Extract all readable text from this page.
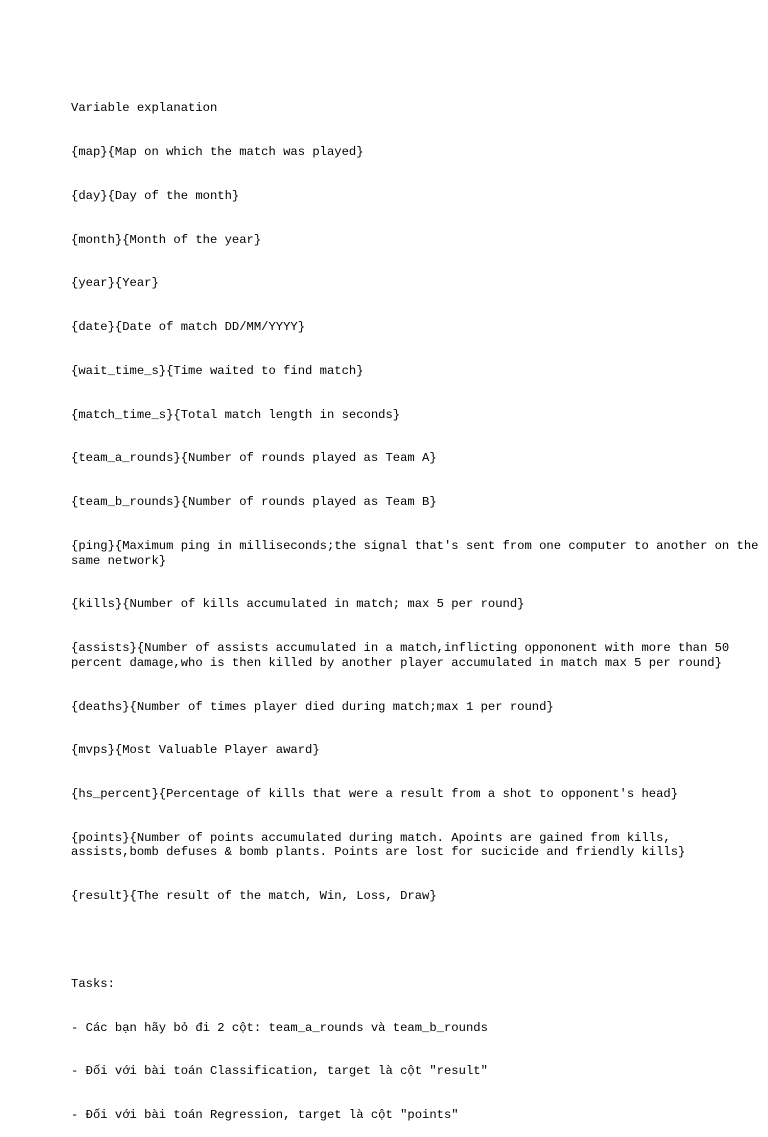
Variable explanation

{map}{Map on which the match was played}

{day}{Day of the month}

{month}{Month of the year}

{year}{Year}

{date}{Date of match DD/MM/YYYY}

{wait_time_s}{Time waited to find match}

{match_time_s}{Total match length in seconds}

{team_a_rounds}{Number of rounds played as Team A}

{team_b_rounds}{Number of rounds played as Team B}

{ping}{Maximum ping in milliseconds;the signal that's sent from one computer to another on the same network}

{kills}{Number of kills accumulated in match; max 5 per round}

{assists}{Number of assists accumulated in a match,inflicting oppononent with more than 50 percent damage,who is then killed by another player accumulated in match max 5 per round}

{deaths}{Number of times player died during match;max 1 per round}

{mvps}{Most Valuable Player award}

{hs_percent}{Percentage of kills that were a result from a shot to opponent's head}

{points}{Number of points accumulated during match. Apoints are gained from kills, assists,bomb defuses & bomb plants. Points are lost for sucicide and friendly kills}

{result}{The result of the match, Win, Loss, Draw}

Tasks:

- Các bạn hãy bỏ đi 2 cột: team_a_rounds và team_b_rounds

- Đối với bài toán Classification, target là cột "result"

- Đối với bài toán Regression, target là cột "points"
